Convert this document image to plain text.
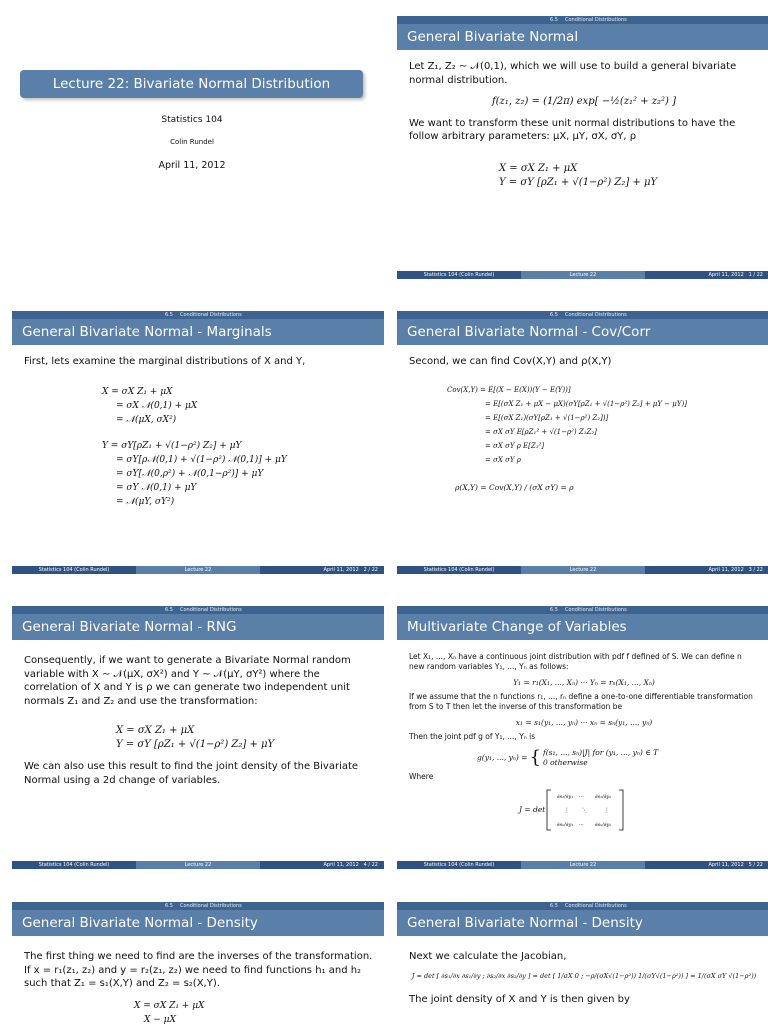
Lecture 22: Bivariate Normal Distribution
Statistics 104
Colin Rundel
April 11, 2012
6.5 Conditional Distributions
General Bivariate Normal

Let Z₁, Z₂ ∼ 𝒩(0,1), which we will use to build a general bivariate normal distribution.

f(z₁, z₂) = (1/2π) exp[ −½(z₁² + z₂²) ]

We want to transform these unit normal distributions to have the follow arbitrary parameters: μX, μY, σX, σY, ρ

X = σX Z₁ + μX
Y = σY [ρZ₁ + √(1−ρ²) Z₂] + μY
Statistics 104 (Colin Rundel)	Lecture 22	April 11, 2012 1 / 22
6.5 Conditional Distributions
General Bivariate Normal - Marginals

First, lets examine the marginal distributions of X and Y,

X = σX Z₁ + μX
= σX 𝒩(0,1) + μX
= 𝒩(μX, σX²)
Y = σY[ρZ₁ + √(1−ρ²) Z₂] + μY
= σY[ρ𝒩(0,1) + √(1−ρ²) 𝒩(0,1)] + μY
= σY[𝒩(0,ρ²) + 𝒩(0,1−ρ²)] + μY
= σY 𝒩(0,1) + μY
= 𝒩(μY, σY²)
Statistics 104 (Colin Rundel)	Lecture 22	April 11, 2012 2 / 22
6.5 Conditional Distributions
General Bivariate Normal - Cov/Corr

Second, we can find Cov(X,Y) and ρ(X,Y)

Cov(X,Y) = E[(X − E(X))(Y − E(Y))]
= E[(σX Z₁ + μX − μX)(σY[ρZ₁ + √(1−ρ²) Z₂] + μY − μY)]
= E[(σX Z₁)(σY[ρZ₁ + √(1−ρ²) Z₂])]
= σX σY E[ρZ₁² + √(1−ρ²) Z₁Z₂]
= σX σY ρ E[Z₁²]
= σX σY ρ
ρ(X,Y) = Cov(X,Y) / (σX σY) = ρ
Statistics 104 (Colin Rundel)	Lecture 22	April 11, 2012 3 / 22
6.5 Conditional Distributions
General Bivariate Normal - RNG

Consequently, if we want to generate a Bivariate Normal random variable with X ∼ 𝒩(μX, σX²) and Y ∼ 𝒩(μY, σY²) where the correlation of X and Y is ρ we can generate two independent unit normals Z₁ and Z₂ and use the transformation:

X = σX Z₁ + μX
Y = σY [ρZ₁ + √(1−ρ²) Z₂] + μY

We can also use this result to find the joint density of the Bivariate Normal using a 2d change of variables.

Statistics 104 (Colin Rundel)	Lecture 22	April 11, 2012 4 / 22
6.5 Conditional Distributions
Multivariate Change of Variables

Let X₁, ..., Xₙ have a continuous joint distribution with pdf f defined of S. We can define n new random variables Y₁, ..., Yₙ as follows:

Y₁ = r₁(X₁, ..., Xₙ) ··· Yₙ = rₙ(X₁, ..., Xₙ)

If we assume that the n functions r₁, ..., rₙ define a one-to-one differentiable transformation from S to T then let the inverse of this transformation be

x₁ = s₁(y₁, ..., yₙ) ··· xₙ = sₙ(y₁, ..., yₙ)

Then the joint pdf g of Y₁, ..., Yₙ is

g(y₁, ..., yₙ) = { f(s₁, ..., sₙ)|J| for (y₁, ..., yₙ) ∈ T
0 otherwise

Where

J = det
∂s₁/∂y₁ ··· ∂s₁/∂yₙ
⋮ ⋱	⋮
∂sₙ/∂y₁ ··· ∂sₙ/∂yₙ
Statistics 104 (Colin Rundel)	Lecture 22	April 11, 2012 5 / 22
6.5 Conditional Distributions
General Bivariate Normal - Density

The first thing we need to find are the inverses of the transformation. If x = r₁(z₁, z₂) and y = r₂(z₁, z₂) we need to find functions h₁ and h₂ such that Z₁ = s₁(X,Y) and Z₂ = s₂(X,Y).

X = σX Z₁ + μX
X − μX
6.5 Conditional Distributions
General Bivariate Normal - Density

Next we calculate the Jacobian,

J = det [ ∂s₁/∂x ∂s₁/∂y ; ∂s₂/∂x ∂s₂/∂y ] = det [ 1/σX 0 ; −ρ/(σX√(1−ρ²)) 1/(σY√(1−ρ²)) ] = 1/(σX σY √(1−ρ²))

The joint density of X and Y is then given by
